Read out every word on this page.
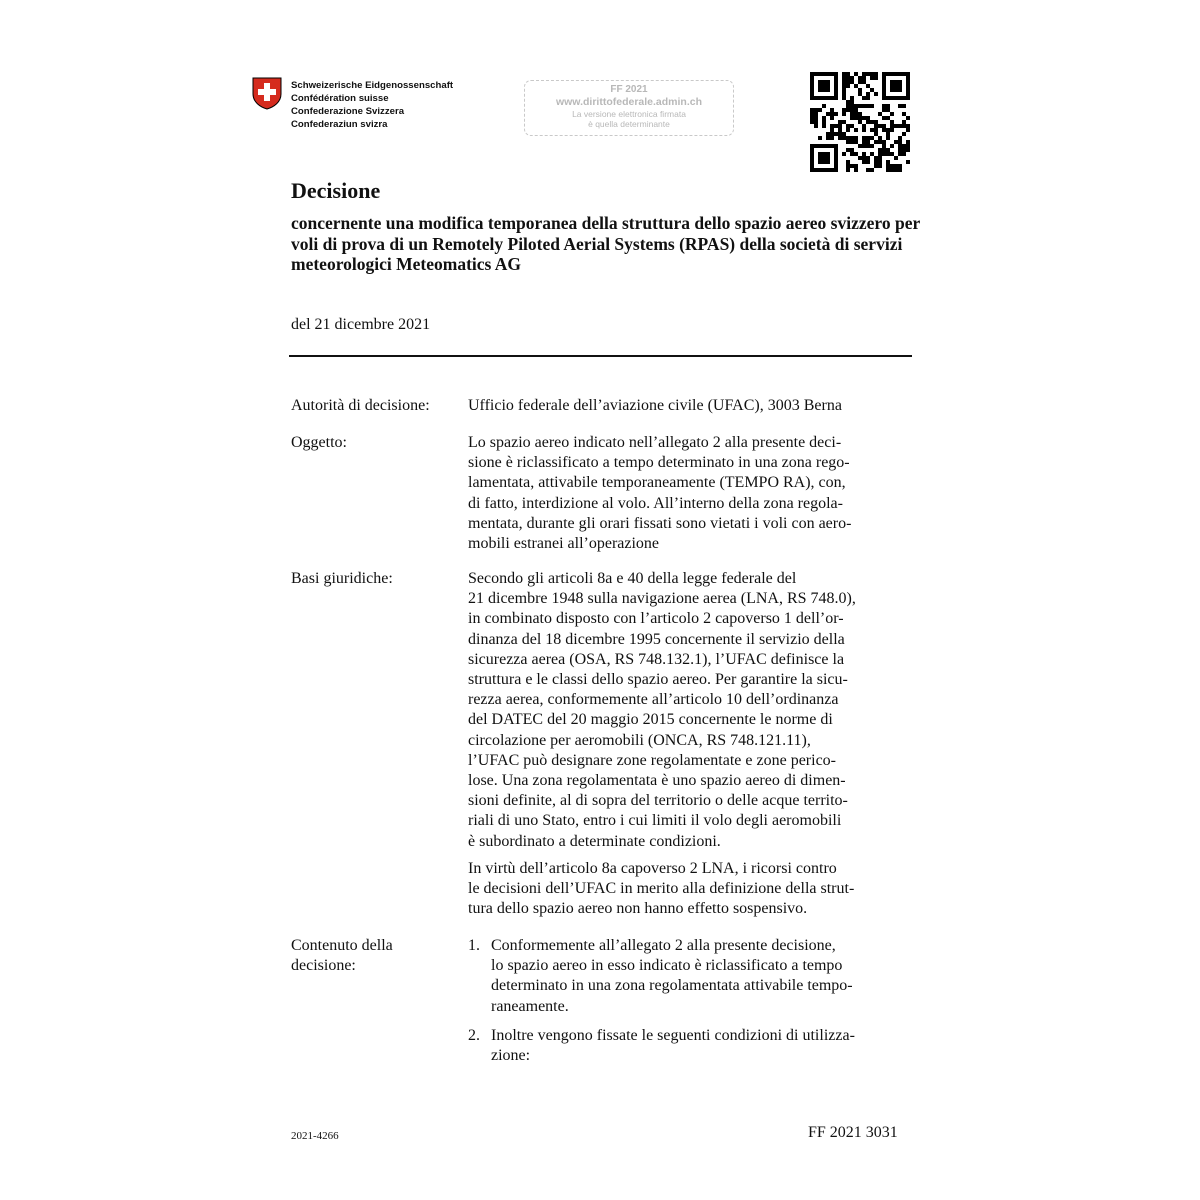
Schweizerische Eidgenossenschaft
Confédération suisse
Confederazione Svizzera
Confederaziun svizra
FF 2021
www.dirittofederale.admin.ch
La versione elettronica firmata
è quella determinante
Decisione
concernente una modifica temporanea della struttura dello spazio aereo svizzero per voli di prova di un Remotely Piloted Aerial Systems (RPAS) della società di servizi meteorologici Meteomatics AG
del 21 dicembre 2021
Autorità di decisione: Ufficio federale dell’aviazione civile (UFAC), 3003 Berna
Oggetto:	Lo spazio aereo indicato nell’allegato 2 alla presente deci-
sione è riclassificato a tempo determinato in una zona rego-
lamentata, attivabile temporaneamente (TEMPO RA), con,
di fatto, interdizione al volo. All’interno della zona regola-
mentata, durante gli orari fissati sono vietati i voli con aero-
mobili estranei all’operazione
Basi giuridiche:	Secondo gli articoli 8a e 40 della legge federale del
21 dicembre 1948 sulla navigazione aerea (LNA, RS 748.0),
in combinato disposto con l’articolo 2 capoverso 1 dell’or-
dinanza del 18 dicembre 1995 concernente il servizio della
sicurezza aerea (OSA, RS 748.132.1), l’UFAC definisce la
struttura e le classi dello spazio aereo. Per garantire la sicu-
rezza aerea, conformemente all’articolo 10 dell’ordinanza
del DATEC del 20 maggio 2015 concernente le norme di
circolazione per aeromobili (ONCA, RS 748.121.11),
l’UFAC può designare zone regolamentate e zone perico-
lose. Una zona regolamentata è uno spazio aereo di dimen-
sioni definite, al di sopra del territorio o delle acque territo-
riali di uno Stato, entro i cui limiti il volo degli aeromobili
è subordinato a determinate condizioni.
In virtù dell’articolo 8a capoverso 2 LNA, i ricorsi contro
le decisioni dell’UFAC in merito alla definizione della strut-
tura dello spazio aereo non hanno effetto sospensivo.
Contenuto della
decisione:
1. Conformemente all’allegato 2 alla presente decisione,
lo spazio aereo in esso indicato è riclassificato a tempo
determinato in una zona regolamentata attivabile tempo-
raneamente.
2. Inoltre vengono fissate le seguenti condizioni di utilizza-
zione:
2021-4266	FF 2021 3031
